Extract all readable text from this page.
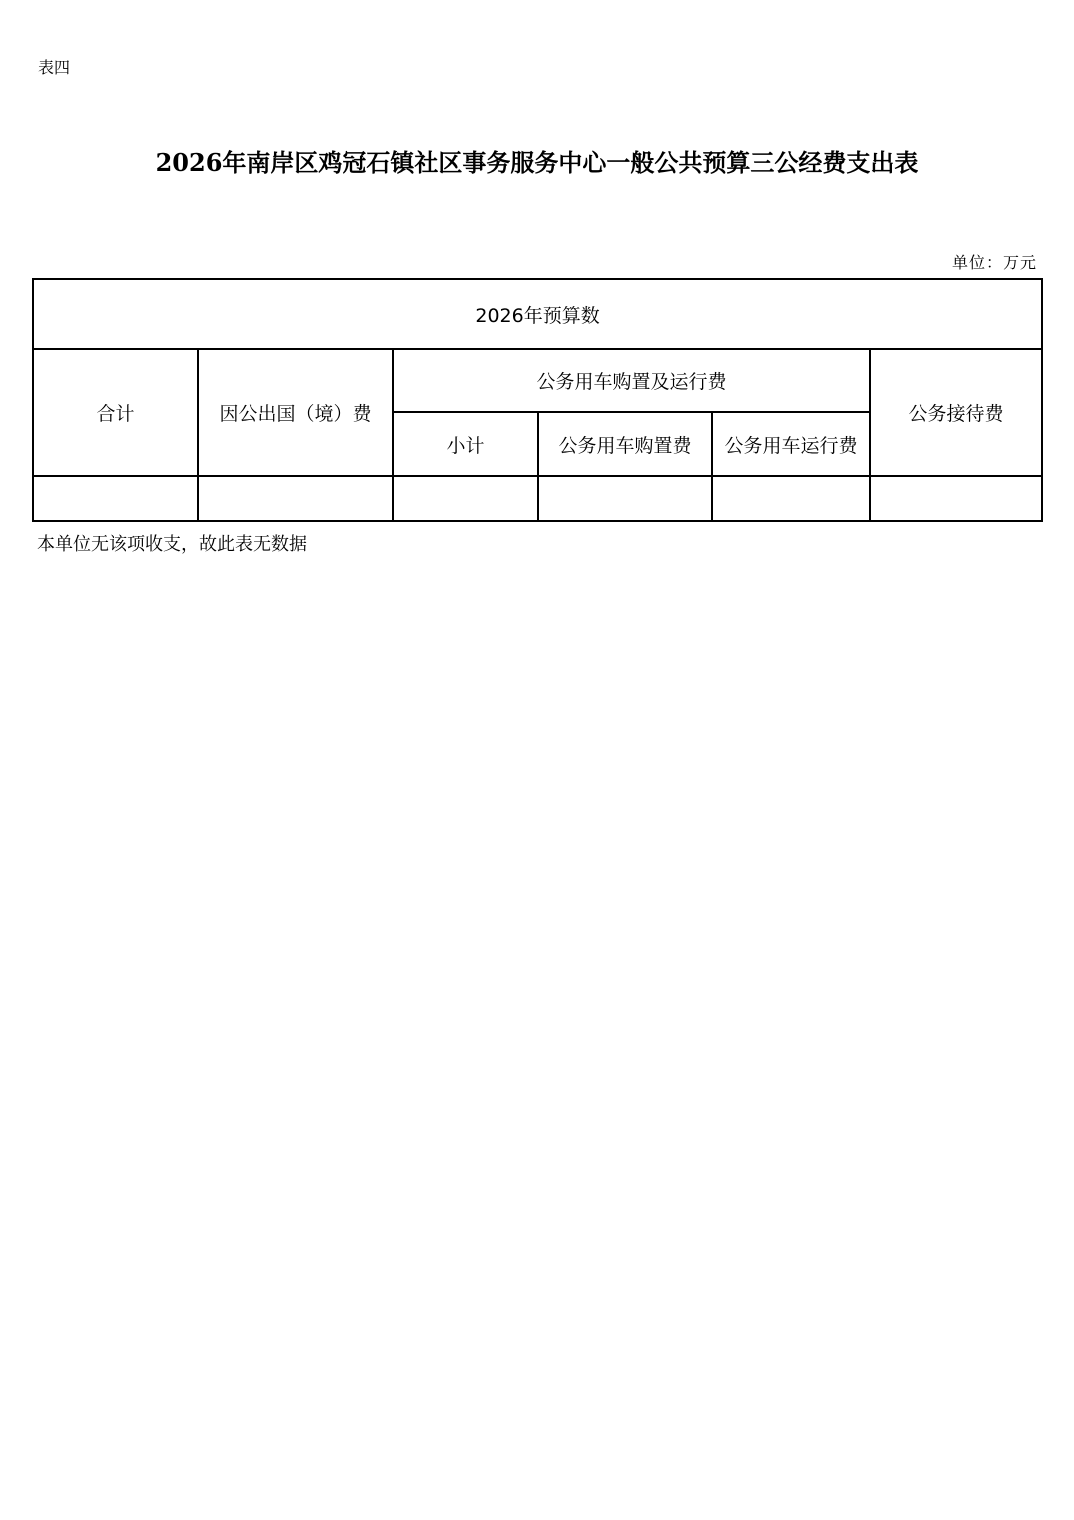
表四
2026年南岸区鸡冠石镇社区事务服务中心一般公共预算三公经费支出表
单位：万元
2026年预算数					
合计	因公出国（境）费	公务用车购置及运行费			公务接待费
		小计	公务用车购置费	公务用车运行费	

本单位无该项收支，故此表无数据
